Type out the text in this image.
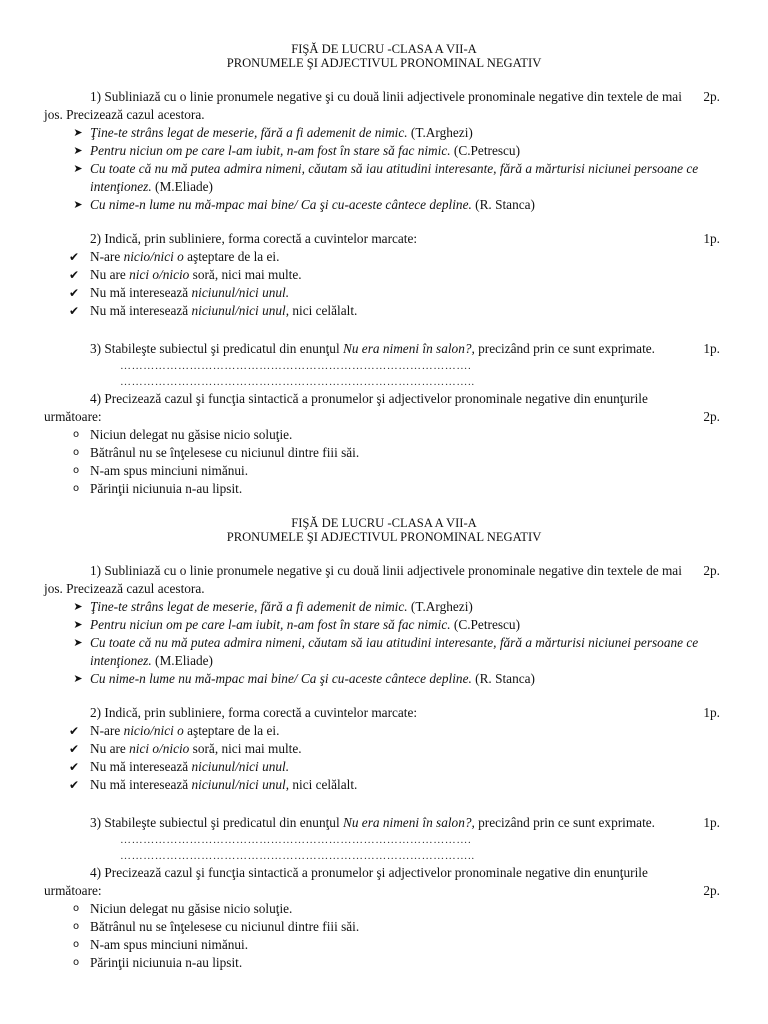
FIŞĂ DE LUCRU -CLASA A VII-A
PRONUMELE ŞI ADJECTIVUL PRONOMINAL NEGATIV
2p.
1) Subliniază cu o linie pronumele negative şi cu două linii adjectivele pronominale negative din textele de mai jos. Precizează cazul acestora.
➤ Ţine-te strâns legat de meserie, fără a fi ademenit de nimic. (T.Arghezi)
➤ Pentru niciun om pe care l-am iubit, n-am fost în stare să fac nimic. (C.Petrescu)
➤ Cu toate că nu mă putea admira nimeni, căutam să iau atitudini interesante, fără a mărturisi niciunei persoane ce intenţionez. (M.Eliade)
➤ Cu nime-n lume nu mă-mpac mai bine/ Ca şi cu-aceste cântece depline. (R. Stanca)
1p.
2) Indică, prin subliniere, forma corectă a cuvintelor marcate:
✔ N-are nicio/nici o aşteptare de la ei.
✔ Nu are nici o/nicio soră, nici mai multe.
✔ Nu mă interesează niciunul/nici unul.
✔ Nu mă interesează niciunul/nici unul, nici celălalt.
1p.
3) Stabileşte subiectul şi predicatul din enunţul Nu era nimeni în salon?, precizând prin ce sunt exprimate.
……………………………………………………………………………….
………………………………………………………………………………..
2p.
4) Precizează cazul şi funcţia sintactică a pronumelor şi adjectivelor pronominale negative din enunţurile următoare:
o Niciun delegat nu găsise nicio soluţie.
o Bătrânul nu se înţelesese cu niciunul dintre fiii săi.
o N-am spus minciuni nimănui.
o Părinţii niciunuia n-au lipsit.
FIŞĂ DE LUCRU -CLASA A VII-A
PRONUMELE ŞI ADJECTIVUL PRONOMINAL NEGATIV
2p.
1) Subliniază cu o linie pronumele negative şi cu două linii adjectivele pronominale negative din textele de mai jos. Precizează cazul acestora.
➤ Ţine-te strâns legat de meserie, fără a fi ademenit de nimic. (T.Arghezi)
➤ Pentru niciun om pe care l-am iubit, n-am fost în stare să fac nimic. (C.Petrescu)
➤ Cu toate că nu mă putea admira nimeni, căutam să iau atitudini interesante, fără a mărturisi niciunei persoane ce intenţionez. (M.Eliade)
➤ Cu nime-n lume nu mă-mpac mai bine/ Ca şi cu-aceste cântece depline. (R. Stanca)
1p.
2) Indică, prin subliniere, forma corectă a cuvintelor marcate:
✔ N-are nicio/nici o aşteptare de la ei.
✔ Nu are nici o/nicio soră, nici mai multe.
✔ Nu mă interesează niciunul/nici unul.
✔ Nu mă interesează niciunul/nici unul, nici celălalt.
1p.
3) Stabileşte subiectul şi predicatul din enunţul Nu era nimeni în salon?, precizând prin ce sunt exprimate.
……………………………………………………………………………….
………………………………………………………………………………..
2p.
4) Precizează cazul şi funcţia sintactică a pronumelor şi adjectivelor pronominale negative din enunţurile următoare:
o Niciun delegat nu găsise nicio soluţie.
o Bătrânul nu se înţelesese cu niciunul dintre fiii săi.
o N-am spus minciuni nimănui.
o Părinţii niciunuia n-au lipsit.
